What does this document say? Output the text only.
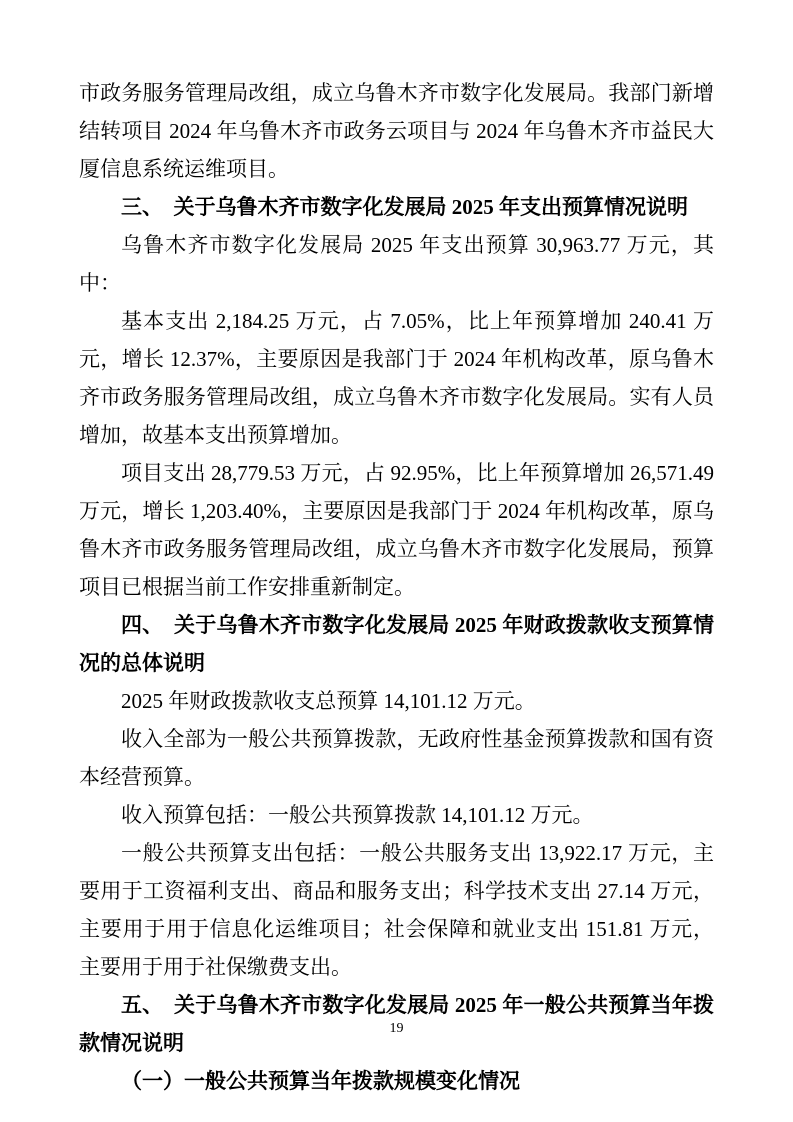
市政务服务管理局改组，成立乌鲁木齐市数字化发展局。我部门新增结转项目 2024 年乌鲁木齐市政务云项目与 2024 年乌鲁木齐市益民大厦信息系统运维项目。

三、　关于乌鲁木齐市数字化发展局 2025 年支出预算情况说明

乌鲁木齐市数字化发展局 2025 年支出预算 30,963.77 万元，其中：

基本支出 2,184.25 万元，占 7.05%，比上年预算增加 240.41 万元，增长 12.37%，主要原因是我部门于 2024 年机构改革，原乌鲁木齐市政务服务管理局改组，成立乌鲁木齐市数字化发展局。实有人员增加，故基本支出预算增加。

项目支出 28,779.53 万元，占 92.95%，比上年预算增加 26,571.49 万元，增长 1,203.40%，主要原因是我部门于 2024 年机构改革，原乌鲁木齐市政务服务管理局改组，成立乌鲁木齐市数字化发展局，预算项目已根据当前工作安排重新制定。

四、　关于乌鲁木齐市数字化发展局 2025 年财政拨款收支预算情况的总体说明

2025 年财政拨款收支总预算 14,101.12 万元。

收入全部为一般公共预算拨款，无政府性基金预算拨款和国有资本经营预算。

收入预算包括：一般公共预算拨款 14,101.12 万元。

一般公共预算支出包括：一般公共服务支出 13,922.17 万元，主要用于工资福利支出、商品和服务支出；科学技术支出 27.14 万元，主要用于用于信息化运维项目；社会保障和就业支出 151.81 万元，主要用于用于社保缴费支出。

五、　关于乌鲁木齐市数字化发展局 2025 年一般公共预算当年拨款情况说明

（一）一般公共预算当年拨款规模变化情况

19
